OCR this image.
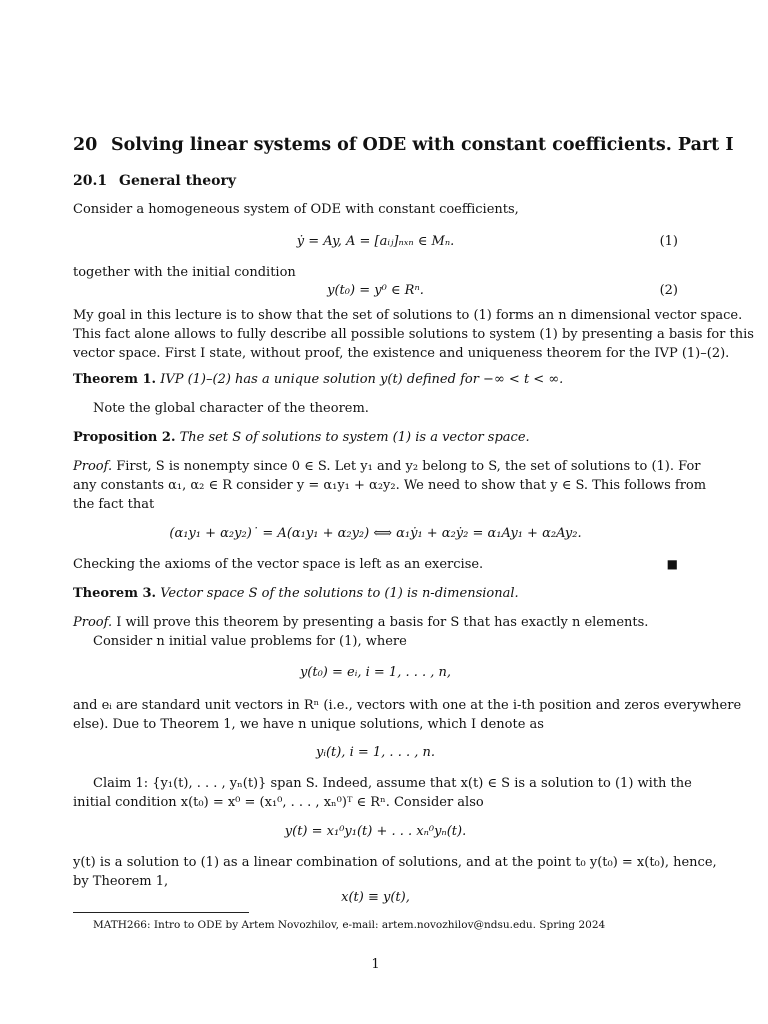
20 Solving linear systems of ODE with constant coefficients. Part I
20.1 General theory
Consider a homogeneous system of ODE with constant coefficients,
ẏ = Ay, A = [aᵢⱼ]ₙₓₙ ∈ Mₙ.	(1)
together with the initial condition
y(t₀) = y⁰ ∈ Rⁿ.	(2)
My goal in this lecture is to show that the set of solutions to (1) forms an n dimensional vector space.
This fact alone allows to fully describe all possible solutions to system (1) by presenting a basis for this
vector space. First I state, without proof, the existence and uniqueness theorem for the IVP (1)–(2).
Theorem 1. IVP (1)–(2) has a unique solution y(t) defined for −∞ < t < ∞.
Note the global character of the theorem.
Proposition 2. The set S of solutions to system (1) is a vector space.
Proof. First, S is nonempty since 0 ∈ S. Let y₁ and y₂ belong to S, the set of solutions to (1). For
any constants α₁, α₂ ∈ R consider y = α₁y₁ + α₂y₂. We need to show that y ∈ S. This follows from
the fact that
(α₁y₁ + α₂y₂)˙ = A(α₁y₁ + α₂y₂) ⟺ α₁ẏ₁ + α₂ẏ₂ = α₁Ay₁ + α₂Ay₂.
Checking the axioms of the vector space is left as an exercise.	■
Theorem 3. Vector space S of the solutions to (1) is n-dimensional.
Proof. I will prove this theorem by presenting a basis for S that has exactly n elements.
Consider n initial value problems for (1), where
y(t₀) = eᵢ, i = 1, . . . , n,
and eᵢ are standard unit vectors in Rⁿ (i.e., vectors with one at the i-th position and zeros everywhere
else). Due to Theorem 1, we have n unique solutions, which I denote as
yᵢ(t), i = 1, . . . , n.
Claim 1: {y₁(t), . . . , yₙ(t)} span S. Indeed, assume that x(t) ∈ S is a solution to (1) with the
initial condition x(t₀) = x⁰ = (x₁⁰, . . . , xₙ⁰)ᵀ ∈ Rⁿ. Consider also
y(t) = x₁⁰y₁(t) + . . . xₙ⁰yₙ(t).
y(t) is a solution to (1) as a linear combination of solutions, and at the point t₀ y(t₀) = x(t₀), hence,
by Theorem 1,
x(t) ≡ y(t),
MATH266: Intro to ODE by Artem Novozhilov, e-mail: artem.novozhilov@ndsu.edu. Spring 2024
1
